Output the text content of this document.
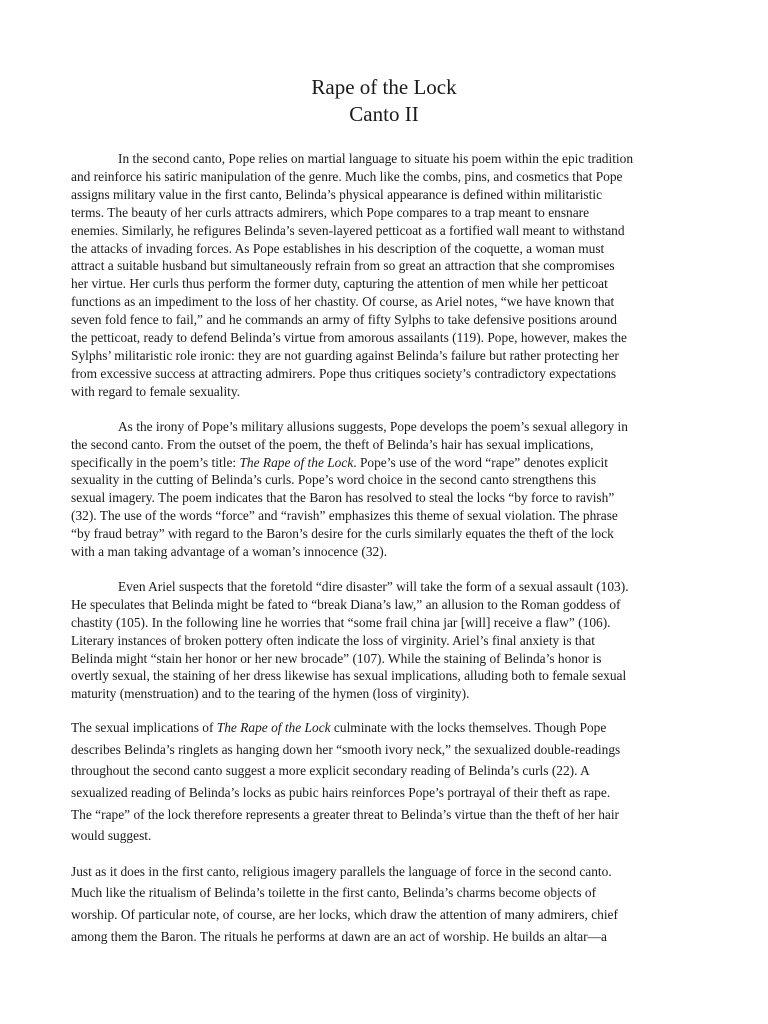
Rape of the Lock
Canto II

In the second canto, Pope relies on martial language to situate his poem within the epic tradition
and reinforce his satiric manipulation of the genre. Much like the combs, pins, and cosmetics that Pope
assigns military value in the first canto, Belinda’s physical appearance is defined within militaristic
terms. The beauty of her curls attracts admirers, which Pope compares to a trap meant to ensnare
enemies. Similarly, he refigures Belinda’s seven-layered petticoat as a fortified wall meant to withstand
the attacks of invading forces. As Pope establishes in his description of the coquette, a woman must
attract a suitable husband but simultaneously refrain from so great an attraction that she compromises
her virtue. Her curls thus perform the former duty, capturing the attention of men while her petticoat
functions as an impediment to the loss of her chastity. Of course, as Ariel notes, “we have known that
seven fold fence to fail,” and he commands an army of fifty Sylphs to take defensive positions around
the petticoat, ready to defend Belinda’s virtue from amorous assailants (119). Pope, however, makes the
Sylphs’ militaristic role ironic: they are not guarding against Belinda’s failure but rather protecting her
from excessive success at attracting admirers. Pope thus critiques society’s contradictory expectations
with regard to female sexuality.

As the irony of Pope’s military allusions suggests, Pope develops the poem’s sexual allegory in
the second canto. From the outset of the poem, the theft of Belinda’s hair has sexual implications,
specifically in the poem’s title: The Rape of the Lock. Pope’s use of the word “rape” denotes explicit
sexuality in the cutting of Belinda’s curls. Pope’s word choice in the second canto strengthens this
sexual imagery. The poem indicates that the Baron has resolved to steal the locks “by force to ravish”
(32). The use of the words “force” and “ravish” emphasizes this theme of sexual violation. The phrase
“by fraud betray” with regard to the Baron’s desire for the curls similarly equates the theft of the lock
with a man taking advantage of a woman’s innocence (32).

Even Ariel suspects that the foretold “dire disaster” will take the form of a sexual assault (103).
He speculates that Belinda might be fated to “break Diana’s law,” an allusion to the Roman goddess of
chastity (105). In the following line he worries that “some frail china jar [will] receive a flaw” (106).
Literary instances of broken pottery often indicate the loss of virginity. Ariel’s final anxiety is that
Belinda might “stain her honor or her new brocade” (107). While the staining of Belinda’s honor is
overtly sexual, the staining of her dress likewise has sexual implications, alluding both to female sexual
maturity (menstruation) and to the tearing of the hymen (loss of virginity).

The sexual implications of The Rape of the Lock culminate with the locks themselves. Though Pope
describes Belinda’s ringlets as hanging down her “smooth ivory neck,” the sexualized double-readings
throughout the second canto suggest a more explicit secondary reading of Belinda’s curls (22). A
sexualized reading of Belinda’s locks as pubic hairs reinforces Pope’s portrayal of their theft as rape.
The “rape” of the lock therefore represents a greater threat to Belinda’s virtue than the theft of her hair
would suggest.

Just as it does in the first canto, religious imagery parallels the language of force in the second canto.
Much like the ritualism of Belinda’s toilette in the first canto, Belinda’s charms become objects of
worship. Of particular note, of course, are her locks, which draw the attention of many admirers, chief
among them the Baron. The rituals he performs at dawn are an act of worship. He builds an altar—a
